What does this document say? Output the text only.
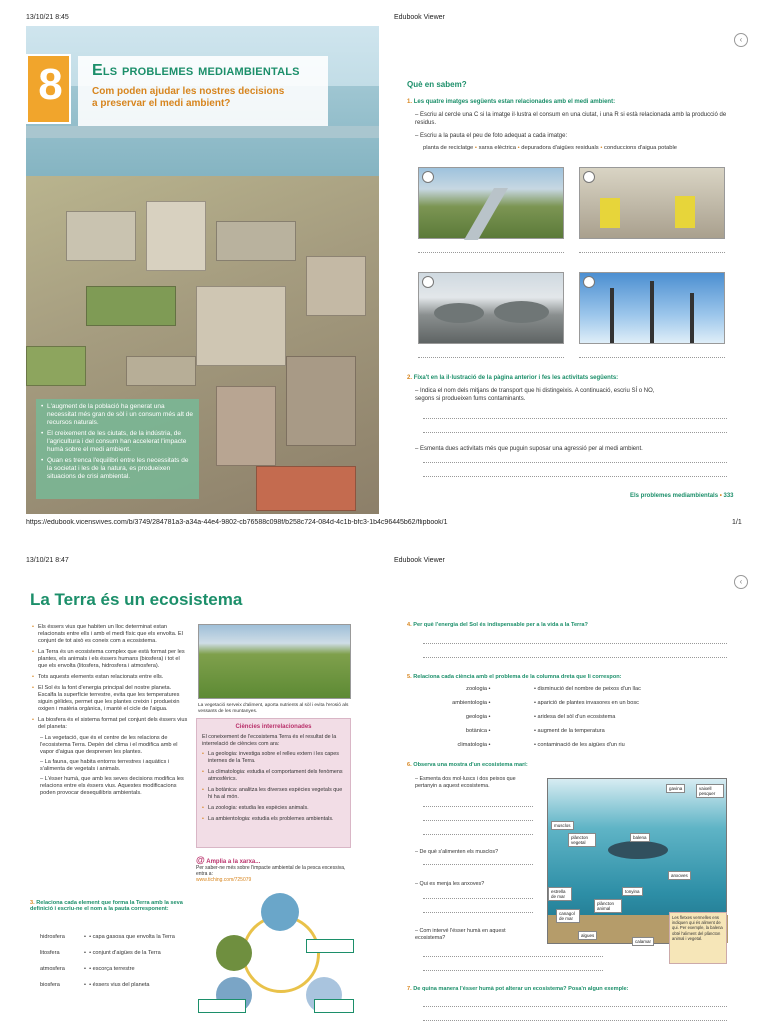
13/10/21 8:45	Edubook Viewer
8	Els problemes mediambientals
Com poden ajudar les nostres decisions a preservar el medi ambient?
• L'augment de la població ha generat una necessitat més gran de sòl i un consum més alt de recursos naturals.
• El creixement de les ciutats, de la indústria, de l'agricultura i del consum han accelerat l'impacte humà sobre el medi ambient.
• Quan es trenca l'equilibri entre les necessitats de la societat i les de la natura, es produeixen situacions de crisi ambiental.
Què en sabem?
1. Les quatre imatges següents estan relacionades amb el medi ambient:
– Escriu al cercle una C si la imatge il·lustra el consum en una ciutat, i una R si està relacionada amb la producció de residus.
– Escriu a la pauta el peu de foto adequat a cada imatge:
planta de reciclatge • xarxa elèctrica • depuradora d'aigües residuals • conduccions d'aigua potable
2. Fixa't en la il·lustració de la pàgina anterior i fes les activitats següents:
– Indica el nom dels mitjans de transport que hi distingeixis. A continuació, escriu SÍ o NO, segons si produeixen fums contaminants.
– Esmenta dues activitats més que puguin suposar una agressió per al medi ambient.
Els problemes mediambientals • 333
‹
https://edubook.vicensvives.com/b/3749/284781a3-a34a-44e4-9802-cb76588c098f/b258c724-084d-4c1b-bfc3-1b4c96445b62/flipbook/1	1/1
13/10/21 8:47	Edubook Viewer
La Terra és un ecosistema

• Els éssers vius que habiten un lloc determinat estan relacionats entre ells i amb el medi físic que els envolta. El conjunt de tot això es coneix com a ecosistema.

• La Terra és un ecosistema complex que està format per les plantes, els animals i els éssers humans (biosfera) i tot el que els envolta (litosfera, hidrosfera i atmosfera).

• Tots aquests elements estan relacionats entre ells.

• El Sol és la font d'energia principal del nostre planeta. Escalfa la superfície terrestre, evita que les temperatures siguin gèlides, permet que les plantes creixin i produeixin oxigen i matèria orgànica, i manté el cicle de l'aigua.

• La biosfera és el sistema format pel conjunt dels éssers vius del planeta:

– La vegetació, que és el centre de les relacions de l'ecosistema Terra. Depèn del clima i el modifica amb el vapor d'aigua que desprenen les plantes.
– La fauna, que habita entorns terrestres i aquàtics i s'alimenta de vegetals i animals.
– L'ésser humà, que amb les seves decisions modifica les relacions entre els éssers vius. Aquestes modificacions poden provocar desequilibris ambientals.
La vegetació serveix d'aliment, aporta nutrients al sòl i evita l'erosió als vessants de les muntanyes.
Ciències interrelacionades
El coneixement de l'ecosistema Terra és el resultat de la interrelació de ciències com ara:

• La geologia: investiga sobre el relleu extern i les capes internes de la Terra.

• La climatologia: estudia el comportament dels fenòmens atmosfèrics.

• La botànica: analitza les diverses espècies vegetals que hi ha al món.

• La zoologia: estudia les espècies animals.

• La ambientologia: estudia els problemes ambientals.

@ Amplia a la xarxa...
Per saber-ne més sobre l'impacte ambiental de la pesca excessiva, entra a:
www.tiching.com/725079
3. Relaciona cada element que forma la Terra amb la seva definició i escriu-ne el nom a la pauta corresponent:
hidrosfera	•  • capa gasosa que envolta la Terra
litosfera	•  • conjunt d'aigües de la Terra
atmosfera	•  • escorça terrestre
biosfera	•  • éssers vius del planeta
4. Per què l'energia del Sol és indispensable per a la vida a la Terra?
5. Relaciona cada ciència amb el problema de la columna dreta que li correspon:
zoologia •                            • disminució del nombre de peixos d'un llac
ambientologia •                            • aparició de plantes invasores en un bosc
geologia •                            • aridesa del sòl d'un ecosistema
botànica •                            • augment de la temperatura
climatologia •                            • contaminació de les aigües d'un riu
6. Observa una mostra d'un ecosistema marí:
– Esmenta dos mol·luscs i dos peixos que pertanyin a aquest ecosistema.
– De què s'alimenten els musclos?
– Qui es menja les anxoves?
– Com intervé l'ésser humà en aquest ecosistema?
gavina	vaixell pesquer
musclos
plàncton vegetal
balena
anxoves
estrella de mar
tonyina
plàncton animal
canagol de mar
algues
calamar
Les fletxes vermelles ens indiquen qui és aliment de qui. Per exemple, la balena obté l'aliment del plàncton animal i vegetal.
7. De quina manera l'ésser humà pot alterar un ecosistema? Posa'n algun exemple:
‹
